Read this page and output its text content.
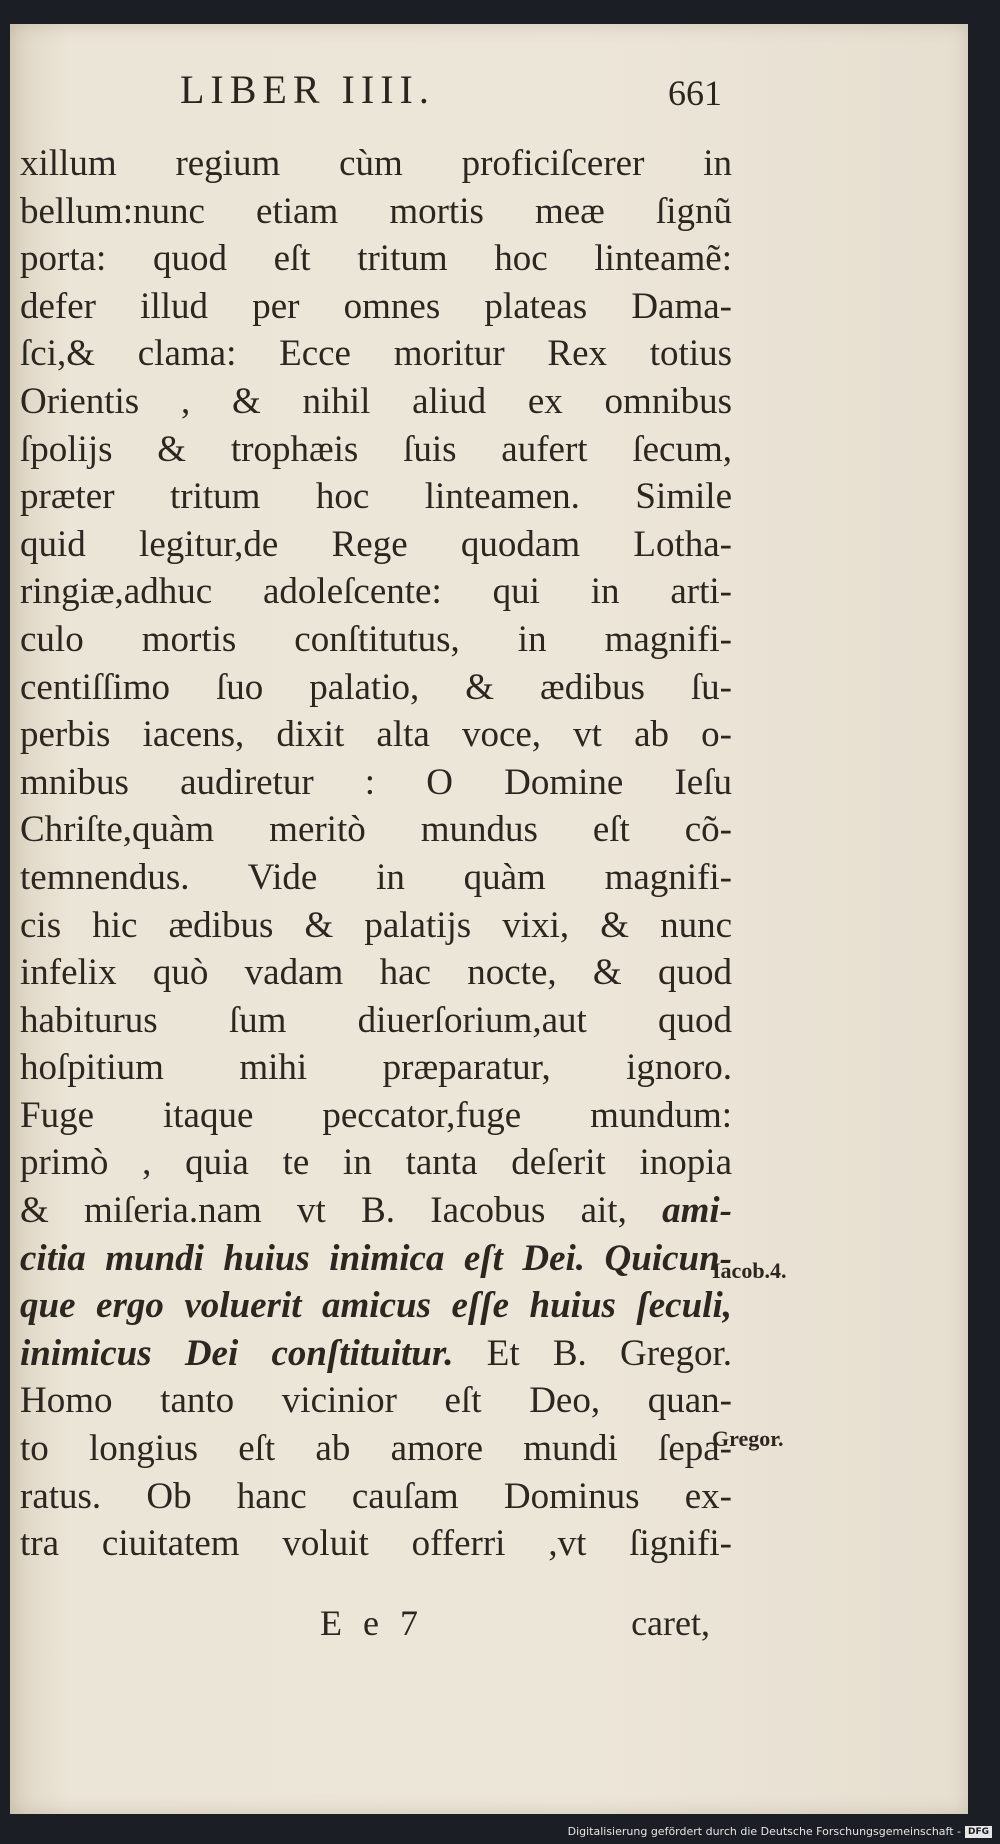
LIBER IIII.	661
xillum regium cùm proficiſcerer in
bellum:nunc etiam mortis meæ ſignũ
porta: quod eſt tritum hoc linteamẽ:
defer illud per omnes plateas Dama-
ſci,& clama: Ecce moritur Rex totius
Orientis , & nihil aliud ex omnibus
ſpolijs & trophæis ſuis aufert ſecum,
præter tritum hoc linteamen. Simile
quid legitur,de Rege quodam Lotha-
ringiæ,adhuc adoleſcente: qui in arti-
culo mortis conſtitutus, in magnifi-
centiſſimo ſuo palatio, & ædibus ſu-
perbis iacens, dixit alta voce, vt ab o-
mnibus audiretur : O Domine Ieſu
Chriſte,quàm meritò mundus eſt cõ-
temnendus. Vide in quàm magnifi-
cis hic ædibus & palatijs vixi, & nunc
infelix quò vadam hac nocte, & quod
habiturus ſum diuerſorium,aut quod
hoſpitium mihi præparatur, ignoro.
Fuge itaque peccator,fuge mundum:
primò , quia te in tanta deſerit inopia
& miſeria.nam vt B. Iacobus ait, ami-
citia mundi huius inimica eſt Dei. Quicun-
que ergo voluerit amicus eſſe huius ſeculi,
inimicus Dei conſtituitur. Et B. Gregor.
Homo tanto vicinior eſt Deo, quan-
to longius eſt ab amore mundi ſepa-
ratus. Ob hanc cauſam Dominus ex-
tra ciuitatem voluit offerri ,vt ſignifi-
Iacob.4.
Gregor.
E e 7	caret,
Digitalisierung gefördert durch die Deutsche Forschungsgemeinschaft - DFG
